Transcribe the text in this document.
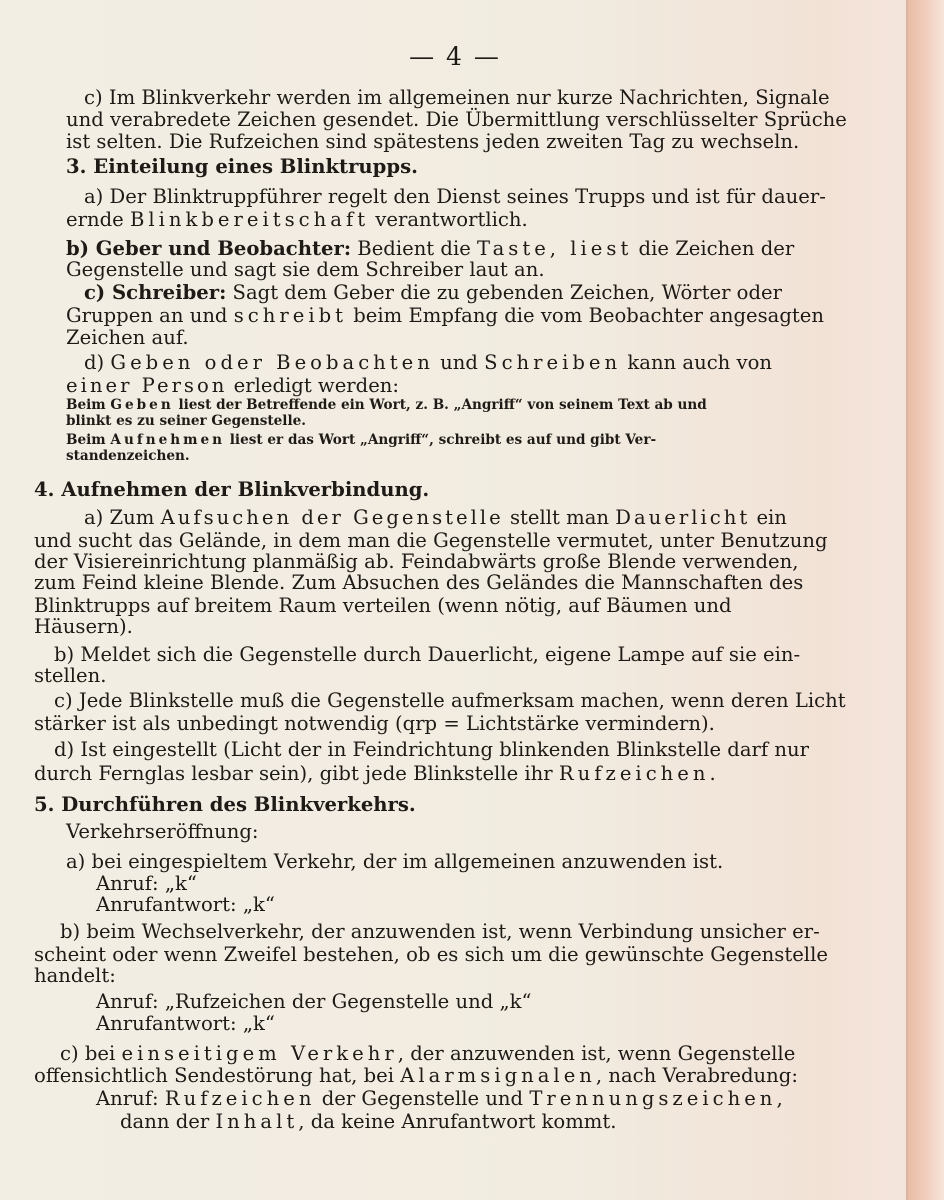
— 4 —

c) Im Blinkverkehr werden im allgemeinen nur kurze Nachrichten, Signale

und verabredete Zeichen gesendet. Die Übermittlung verschlüsselter Sprüche

ist selten. Die Rufzeichen sind spätestens jeden zweiten Tag zu wechseln.

3. Einteilung eines Blinktrupps.

a) Der Blinktruppführer regelt den Dienst seines Trupps und ist für dauer-

ernde Blinkbereitschaft verantwortlich.

b) Geber und Beobachter: Bedient die Taste, liest die Zeichen der

Gegenstelle und sagt sie dem Schreiber laut an.

c) Schreiber: Sagt dem Geber die zu gebenden Zeichen, Wörter oder

Gruppen an und schreibt beim Empfang die vom Beobachter angesagten

Zeichen auf.

d) Geben oder Beobachten und Schreiben kann auch von

einer Person erledigt werden:

Beim Geben liest der Betreffende ein Wort, z. B. „Angriff“ von seinem Text ab und

blinkt es zu seiner Gegenstelle.

Beim Aufnehmen liest er das Wort „Angriff“, schreibt es auf und gibt Ver-

standenzeichen.

4. Aufnehmen der Blinkverbindung.

a) Zum Aufsuchen der Gegenstelle stellt man Dauerlicht ein

und sucht das Gelände, in dem man die Gegenstelle vermutet, unter Benutzung

der Visiereinrichtung planmäßig ab. Feindabwärts große Blende verwenden,

zum Feind kleine Blende. Zum Absuchen des Geländes die Mannschaften des

Blinktrupps auf breitem Raum verteilen (wenn nötig, auf Bäumen und

Häusern).

b) Meldet sich die Gegenstelle durch Dauerlicht, eigene Lampe auf sie ein-

stellen.

c) Jede Blinkstelle muß die Gegenstelle aufmerksam machen, wenn deren Licht

stärker ist als unbedingt notwendig (qrp = Lichtstärke vermindern).

d) Ist eingestellt (Licht der in Feindrichtung blinkenden Blinkstelle darf nur

durch Fernglas lesbar sein), gibt jede Blinkstelle ihr Rufzeichen.

5. Durchführen des Blinkverkehrs.

Verkehrseröffnung:

a) bei eingespieltem Verkehr, der im allgemeinen anzuwenden ist.

Anruf: „k“

Anrufantwort: „k“

b) beim Wechselverkehr, der anzuwenden ist, wenn Verbindung unsicher er-

scheint oder wenn Zweifel bestehen, ob es sich um die gewünschte Gegenstelle

handelt:

Anruf: „Rufzeichen der Gegenstelle und „k“

Anrufantwort: „k“

c) bei einseitigem Verkehr, der anzuwenden ist, wenn Gegenstelle

offensichtlich Sendestörung hat, bei Alarmsignalen, nach Verabredung:

Anruf: Rufzeichen der Gegenstelle und Trennungszeichen,

dann der Inhalt, da keine Anrufantwort kommt.
